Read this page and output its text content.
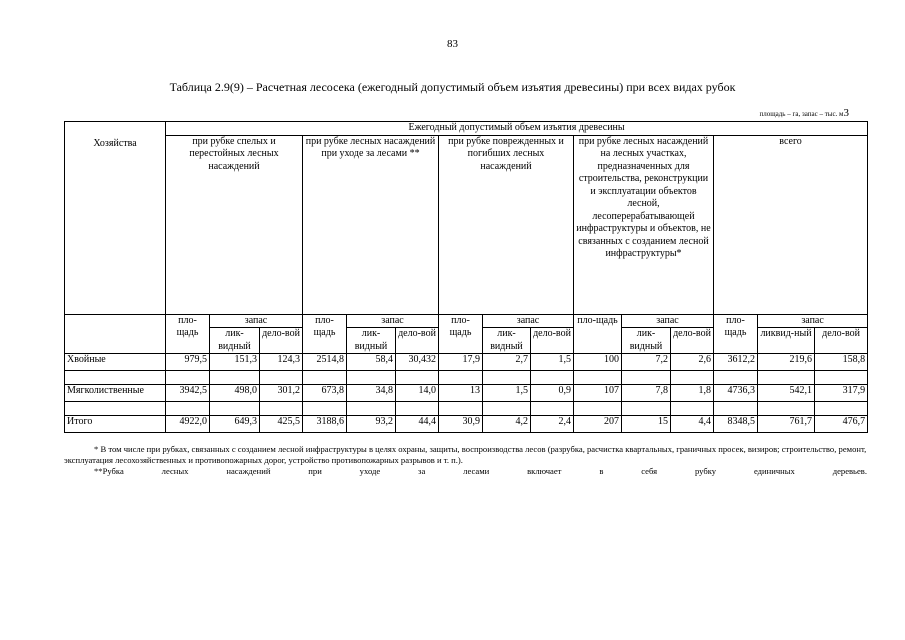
83
Таблица 2.9(9) – Расчетная лесосека (ежегодный допустимый объем изъятия древесины) при всех видах рубок
площадь – га, запас – тыс. м3
Хозяйства	Ежегодный допустимый объем изъятия древесины														
	при рубке спелых и перестойных лесных насаждений			при рубке лесных насаждений при уходе за лесами **			при рубке поврежденных и погибших лесных насаждений			при рубке лесных насаждений на лесных участках, предназначенных для строительства, реконструкции и эксплуатации объектов лесной, лесоперерабатывающей инфраструктуры и объектов, не связанных с созданием лесной инфраструктуры*			всего		
	пло-щадь	запас		пло-щадь	запас		пло-щадь	запас		пло-щадь	запас		пло-щадь	запас	
		лик-видный	дело-вой		лик-видный	дело-вой		лик-видный	дело-вой		лик-видный	дело-вой		ликвид-ный	дело-вой
Хвойные	979,5	151,3	124,3	2514,8	58,4	30,432	17,9	2,7	1,5	100	7,2	2,6	3612,2	219,6	158,8

Мягколиственные	3942,5	498,0	301,2	673,8	34,8	14,0	13	1,5	0,9	107	7,8	1,8	4736,3	542,1	317,9

Итого	4922,0	649,3	425,5	3188,6	93,2	44,4	30,9	4,2	2,4	207	15	4,4	8348,5	761,7	476,7
* В том числе при рубках, связанных с созданием лесной инфраструктуры в целях охраны, защиты, воспроизводства лесов (разрубка, расчистка квартальных, граничных просек, визиров; строительство, ремонт, эксплуатация лесохозяйственных и противопожарных дорог, устройство противопожарных разрывов и т. п.).
**Рубка лесных насаждений при уходе за лесами включает в себя рубку единичных деревьев.
